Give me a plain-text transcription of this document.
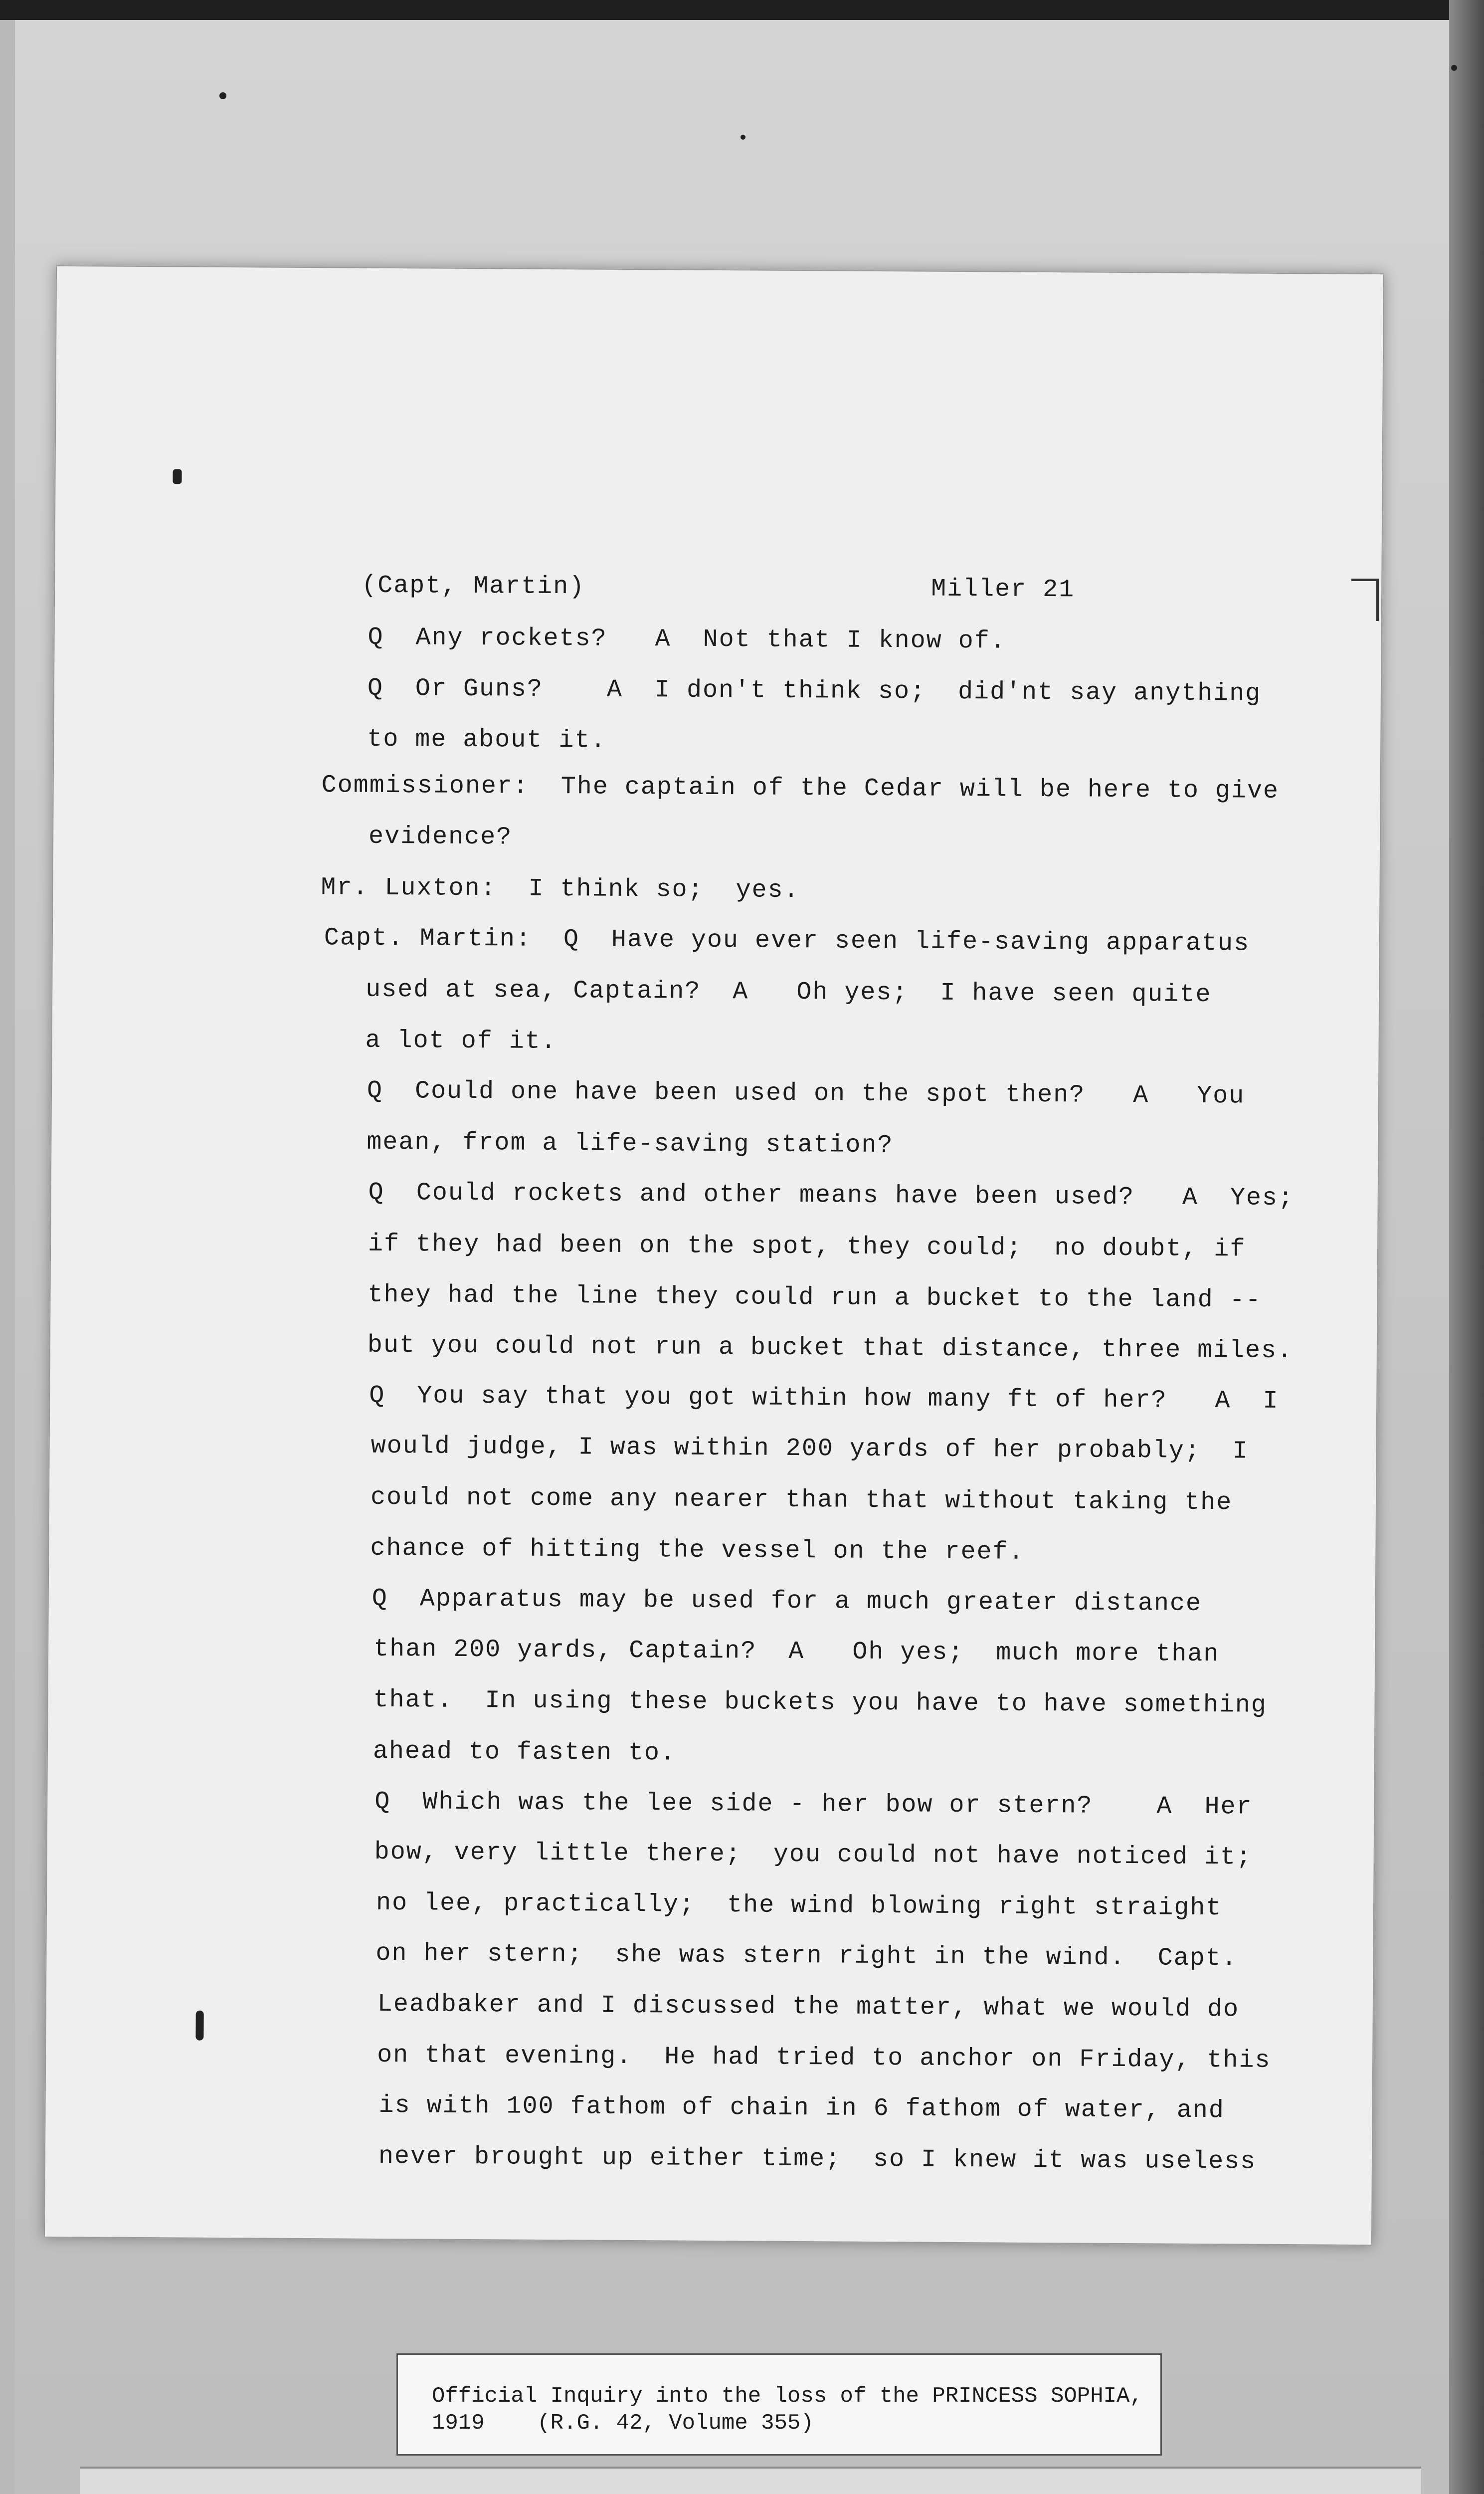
(Capt, Martin)	Miller 21
Q  Any rockets?   A  Not that I know of.
Q  Or Guns?    A  I don't think so;  did'nt say anything
to me about it.
Commissioner:  The captain of the Cedar will be here to give
evidence?
Mr. Luxton:  I think so;  yes.
Capt. Martin:  Q  Have you ever seen life-saving apparatus
used at sea, Captain?  A   Oh yes;  I have seen quite
a lot of it.
Q  Could one have been used on the spot then?   A   You
mean, from a life-saving station?
Q  Could rockets and other means have been used?   A  Yes;
if they had been on the spot, they could;  no doubt, if
they had the line they could run a bucket to the land --
but you could not run a bucket that distance, three miles.
Q  You say that you got within how many ft of her?   A  I
would judge, I was within 200 yards of her probably;  I
could not come any nearer than that without taking the
chance of hitting the vessel on the reef.
Q  Apparatus may be used for a much greater distance
than 200 yards, Captain?  A   Oh yes;  much more than
that.  In using these buckets you have to have something
ahead to fasten to.
Q  Which was the lee side - her bow or stern?    A  Her
bow, very little there;  you could not have noticed it;
no lee, practically;  the wind blowing right straight
on her stern;  she was stern right in the wind.  Capt.
Leadbaker and I discussed the matter, what we would do
on that evening.  He had tried to anchor on Friday, this
is with 100 fathom of chain in 6 fathom of water, and
never brought up either time;  so I knew it was useless
Official Inquiry into the loss of the PRINCESS SOPHIA,
1919    (R.G. 42, Volume 355)
